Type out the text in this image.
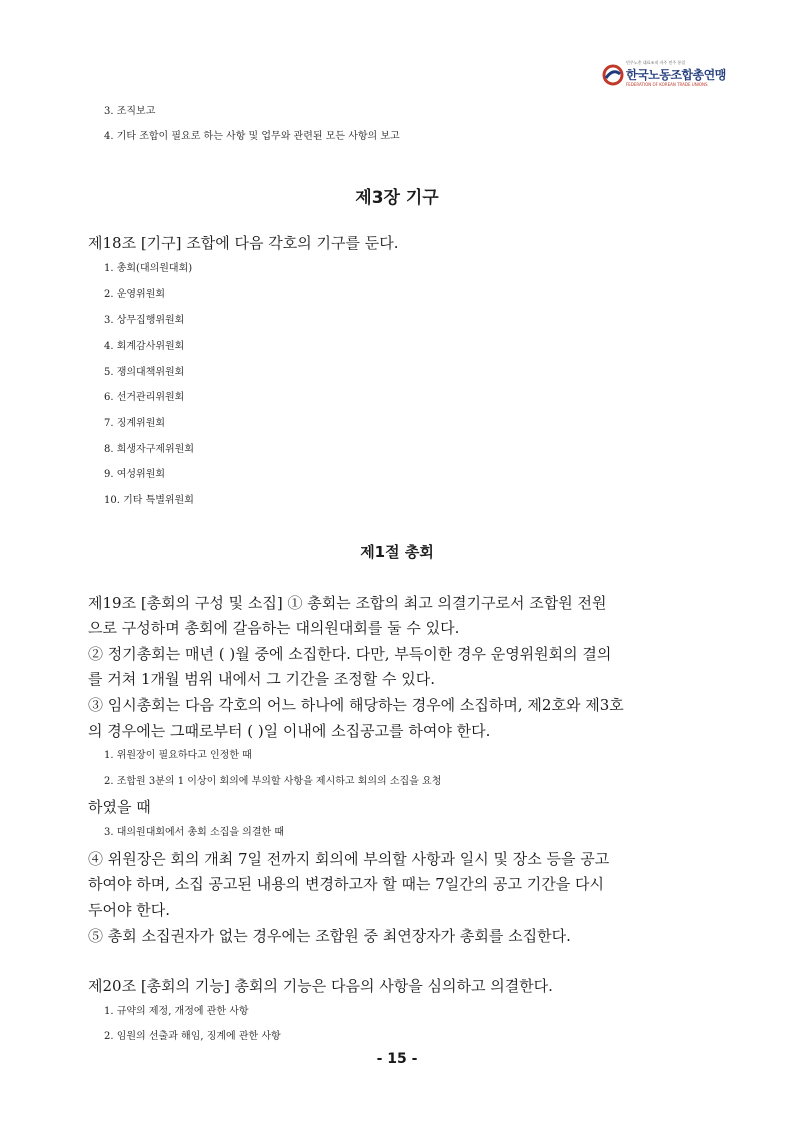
민주노총 대표조직 자주 민주 통일
한국노동조합총연맹
FEDERATION OF KOREAN TRADE UNIONS
3. 조직보고
4. 기타 조합이 필요로 하는 사항 및 업무와 관련된 모든 사항의 보고
제3장 기구
제18조 [기구] 조합에 다음 각호의 기구를 둔다.
1. 총회(대의원대회)
2. 운영위원회
3. 상무집행위원회
4. 회계감사위원회
5. 쟁의대책위원회
6. 선거관리위원회
7. 징계위원회
8. 희생자구제위원회
9. 여성위원회
10. 기타 특별위원회
제1절 총회
제19조 [총회의 구성 및 소집] ① 총회는 조합의 최고 의결기구로서 조합원 전원
으로 구성하며 총회에 갈음하는 대의원대회를 둘 수 있다.
② 정기총회는 매년 ( )월 중에 소집한다. 다만, 부득이한 경우 운영위원회의 결의
를 거쳐 1개월 범위 내에서 그 기간을 조정할 수 있다.
③ 임시총회는 다음 각호의 어느 하나에 해당하는 경우에 소집하며, 제2호와 제3호
의 경우에는 그때로부터 ( )일 이내에 소집공고를 하여야 한다.
1. 위원장이 필요하다고 인정한 때
2. 조합원 3분의 1 이상이 회의에 부의할 사항을 제시하고 회의의 소집을 요청
하였을 때
3. 대의원대회에서 총회 소집을 의결한 때
④ 위원장은 회의 개최 7일 전까지 회의에 부의할 사항과 일시 및 장소 등을 공고
하여야 하며, 소집 공고된 내용의 변경하고자 할 때는 7일간의 공고 기간을 다시
두어야 한다.
⑤ 총회 소집권자가 없는 경우에는 조합원 중 최연장자가 총회를 소집한다.
제20조 [총회의 기능] 총회의 기능은 다음의 사항을 심의하고 의결한다.
1. 규약의 제정, 개정에 관한 사항
2. 임원의 선출과 해임, 징계에 관한 사항
- 15 -
